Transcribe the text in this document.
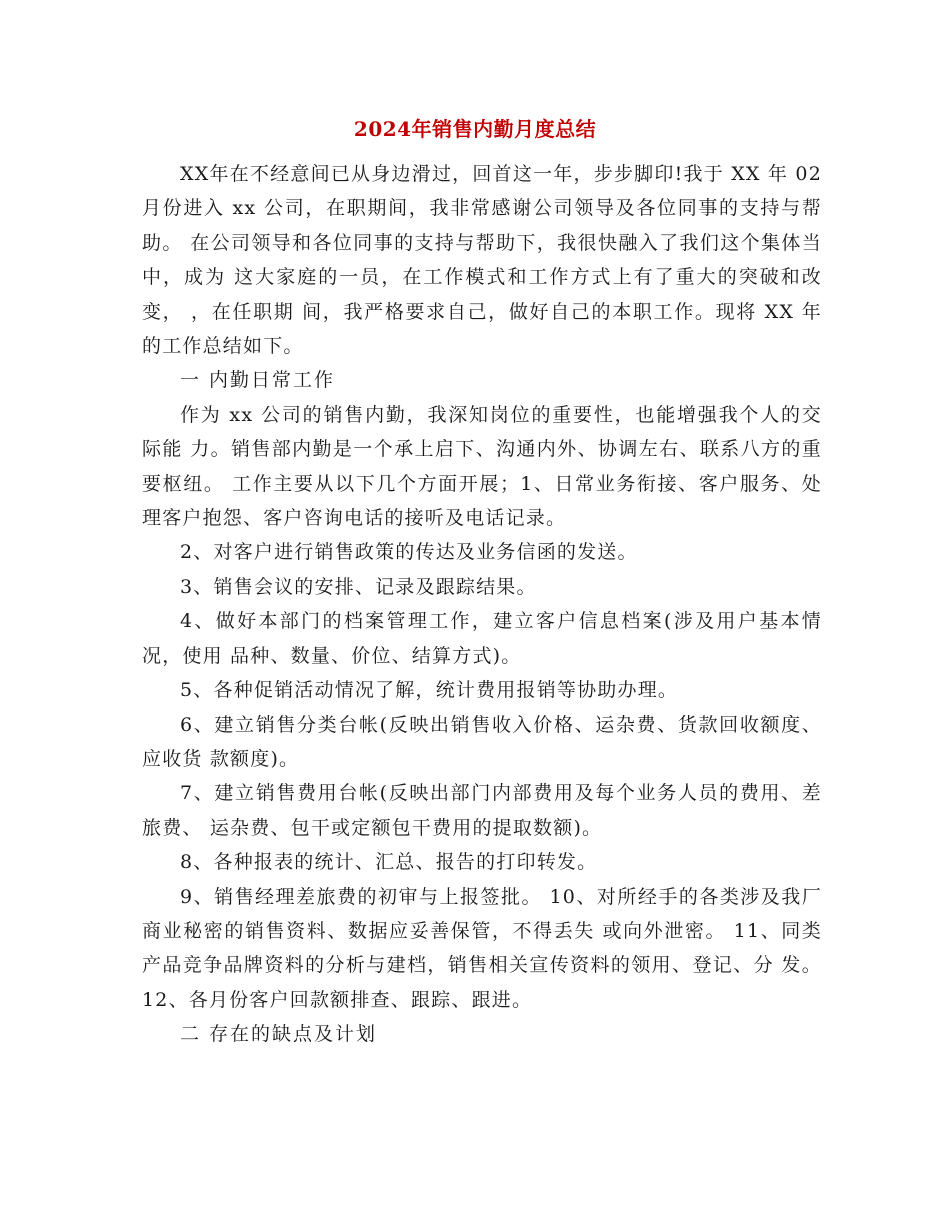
2024年销售内勤月度总结

XX年在不经意间已从身边滑过，回首这一年，步步脚印!我于 XX 年 02 月份进入 xx 公司，在职期间，我非常感谢公司领导及各位同事的支持与帮助。 在公司领导和各位同事的支持与帮助下，我很快融入了我们这个集体当中，成为 这大家庭的一员，在工作模式和工作方式上有了重大的突破和改变， ，在任职期 间，我严格要求自己，做好自己的本职工作。现将 XX 年的工作总结如下。

一 内勤日常工作

作为 xx 公司的销售内勤，我深知岗位的重要性，也能增强我个人的交际能 力。销售部内勤是一个承上启下、沟通内外、协调左右、联系八方的重要枢纽。 工作主要从以下几个方面开展；1、日常业务衔接、客户服务、处理客户抱怨、客户咨询电话的接听及电话记录。

2、对客户进行销售政策的传达及业务信函的发送。

3、销售会议的安排、记录及跟踪结果。

4、做好本部门的档案管理工作，建立客户信息档案(涉及用户基本情况，使用 品种、数量、价位、结算方式)。

5、各种促销活动情况了解，统计费用报销等协助办理。

6、建立销售分类台帐(反映出销售收入价格、运杂费、货款回收额度、应收货 款额度)。

7、建立销售费用台帐(反映出部门内部费用及每个业务人员的费用、差旅费、 运杂费、包干或定额包干费用的提取数额)。

8、各种报表的统计、汇总、报告的打印转发。

9、销售经理差旅费的初审与上报签批。 10、对所经手的各类涉及我厂商业秘密的销售资料、数据应妥善保管，不得丢失 或向外泄密。 11、同类产品竞争品牌资料的分析与建档，销售相关宣传资料的领用、登记、分 发。 12、各月份客户回款额排查、跟踪、跟进。

二 存在的缺点及计划
